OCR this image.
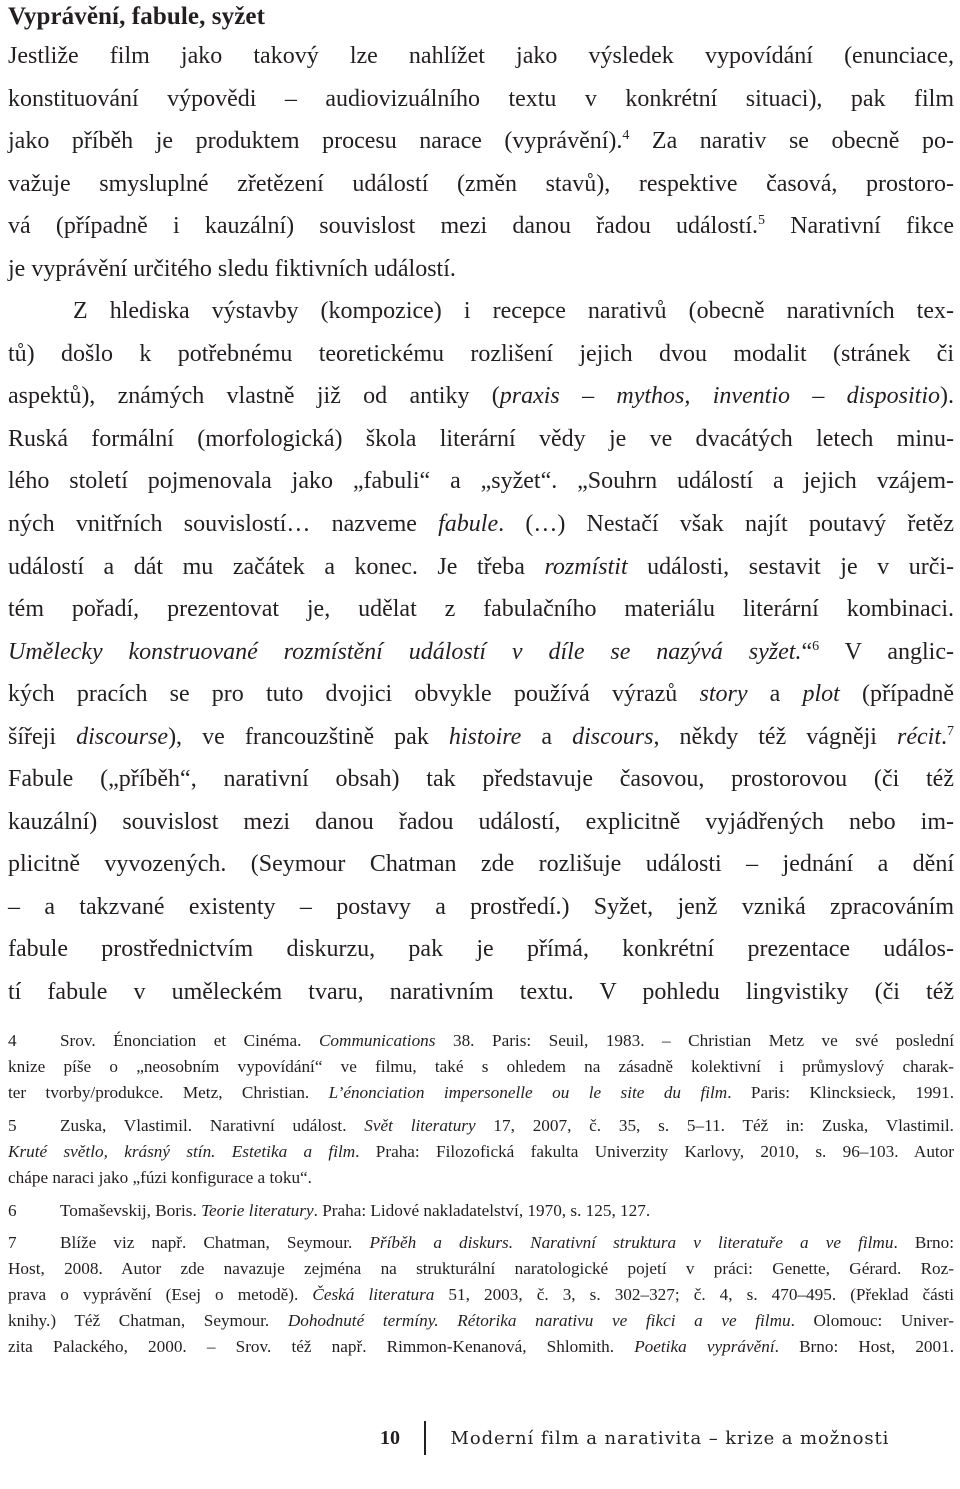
Vyprávění, fabule, syžet
Jestliže film jako takový lze nahlížet jako výsledek vypovídání (enunciace,
konstituování výpovědi – audiovizuálního textu v konkrétní situaci), pak film
jako příběh je produktem procesu narace (vyprávění).$^4$ Za narativ se obecně po-
važuje smysluplné zřetězení událostí (změn stavů), respektive časová, prostoro-
vá (případně i kauzální) souvislost mezi danou řadou událostí.$^5$ Narativní fikce
je vyprávění určitého sledu fiktivních událostí.
Z hlediska výstavby (kompozice) i recepce narativů (obecně narativních tex-
tů) došlo k potřebnému teoretickému rozlišení jejich dvou modalit (stránek či
aspektů), známých vlastně již od antiky (praxis – mythos, inventio – dispositio).
Ruská formální (morfologická) škola literární vědy je ve dvacátých letech minu-
lého století pojmenovala jako „fabuli“ a „syžet“. „Souhrn událostí a jejich vzájem-
ných vnitřních souvislostí… nazveme fabule. (…) Nestačí však najít poutavý řetěz
událostí a dát mu začátek a konec. Je třeba rozmístit události, sestavit je v urči-
tém pořadí, prezentovat je, udělat z fabulačního materiálu literární kombinaci.
Umělecky konstruované rozmístění událostí v díle se nazývá syžet.“$^6$ V anglic-
kých pracích se pro tuto dvojici obvykle používá výrazů story a plot (případně
šířeji discourse), ve francouzštině pak histoire a discours, někdy též vágněji récit.$^7$
Fabule („příběh“, narativní obsah) tak představuje časovou, prostorovou (či též
kauzální) souvislost mezi danou řadou událostí, explicitně vyjádřených nebo im-
plicitně vyvozených. (Seymour Chatman zde rozlišuje události – jednání a dění
– a takzvané existenty – postavy a prostředí.) Syžet, jenž vzniká zpracováním
fabule prostřednictvím diskurzu, pak je přímá, konkrétní prezentace událos-
tí fabule v uměleckém tvaru, narativním textu. V pohledu lingvistiky (či též
4	Srov. Énonciation et Cinéma. Communications 38. Paris: Seuil, 1983. – Christian Metz ve své poslední
knize píše o „neosobním vypovídání“ ve filmu, také s ohledem na zásadně kolektivní i průmyslový charak-
ter tvorby/produkce. Metz, Christian. L’énonciation impersonelle ou le site du film. Paris: Klincksieck, 1991.
5	Zuska, Vlastimil. Narativní událost. Svět literatury 17, 2007, č. 35, s. 5–11. Též in: Zuska, Vlastimil.
Kruté světlo, krásný stín. Estetika a film. Praha: Filozofická fakulta Univerzity Karlovy, 2010, s. 96–103. Autor
chápe naraci jako „fúzi konfigurace a toku“.
6	Tomaševskij, Boris. Teorie literatury. Praha: Lidové nakladatelství, 1970, s. 125, 127.
7	Blíže viz např. Chatman, Seymour. Příběh a diskurs. Narativní struktura v literatuře a ve filmu. Brno:
Host, 2008. Autor zde navazuje zejména na strukturální naratologické pojetí v práci: Genette, Gérard. Roz-
prava o vyprávění (Esej o metodě). Česká literatura 51, 2003, č. 3, s. 302–327; č. 4, s. 470–495. (Překlad části
knihy.) Též Chatman, Seymour. Dohodnuté termíny. Rétorika narativu ve fikci a ve filmu. Olomouc: Univer-
zita Palackého, 2000. – Srov. též např. Rimmon-Kenanová, Shlomith. Poetika vyprávění. Brno: Host, 2001.
10	Moderní film a narativita – krize a možnosti
